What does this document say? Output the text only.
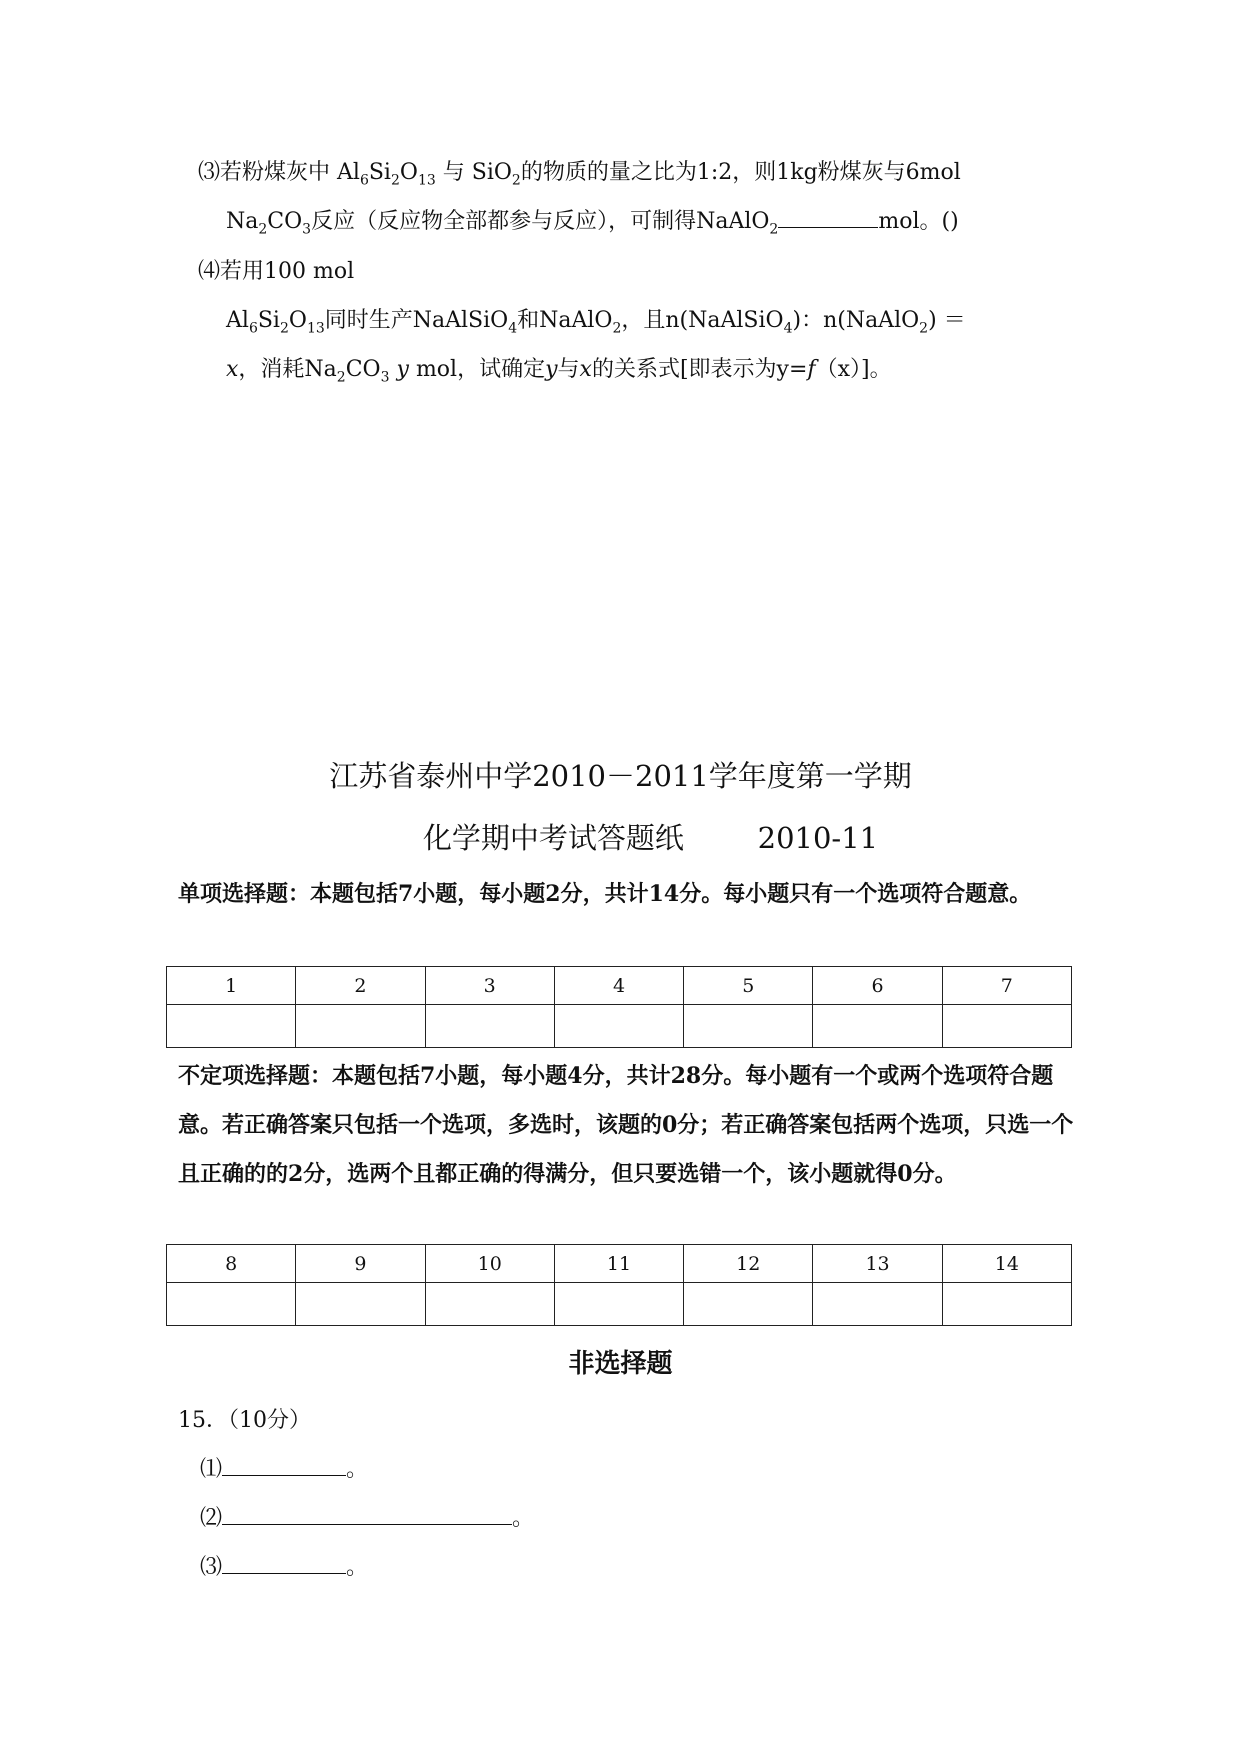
⑶若粉煤灰中 $Al_6Si_2O_{13}$ 与 SiO$_2$的物质的量之比为1:2，则1kg粉煤灰与6mol
$Na_2CO_3$反应（反应物全部都参与反应），可制得NaAlO$_2$	mol。()
⑷若用100 mol
$Al_6Si_2O_{13}$同时生产NaAlSiO$_4$和NaAlO$_2$，且n(NaAlSiO$_4$)：n(NaAlO$_2$) ＝
x，消耗$Na_2CO_3$ y mol，试确定y与x的关系式[即表示为y=f（x）]。
江苏省泰州中学2010－2011学年度第一学期
化学期中考试答题纸        2010-11
单项选择题：本题包括7小题，每小题2分，共计14分。每小题只有一个选项符合题意。
1	2	3	4	5	6	7

不定项选择题：本题包括7小题，每小题4分，共计28分。每小题有一个或两个选项符合题意。若正确答案只包括一个选项，多选时，该题的0分；若正确答案包括两个选项，只选一个且正确的的2分，选两个且都正确的得满分，但只要选错一个，该小题就得0分。
8	9	10	11	12	13	14

非选择题
15．（10分）
⑴	。
⑵	。
⑶	。
